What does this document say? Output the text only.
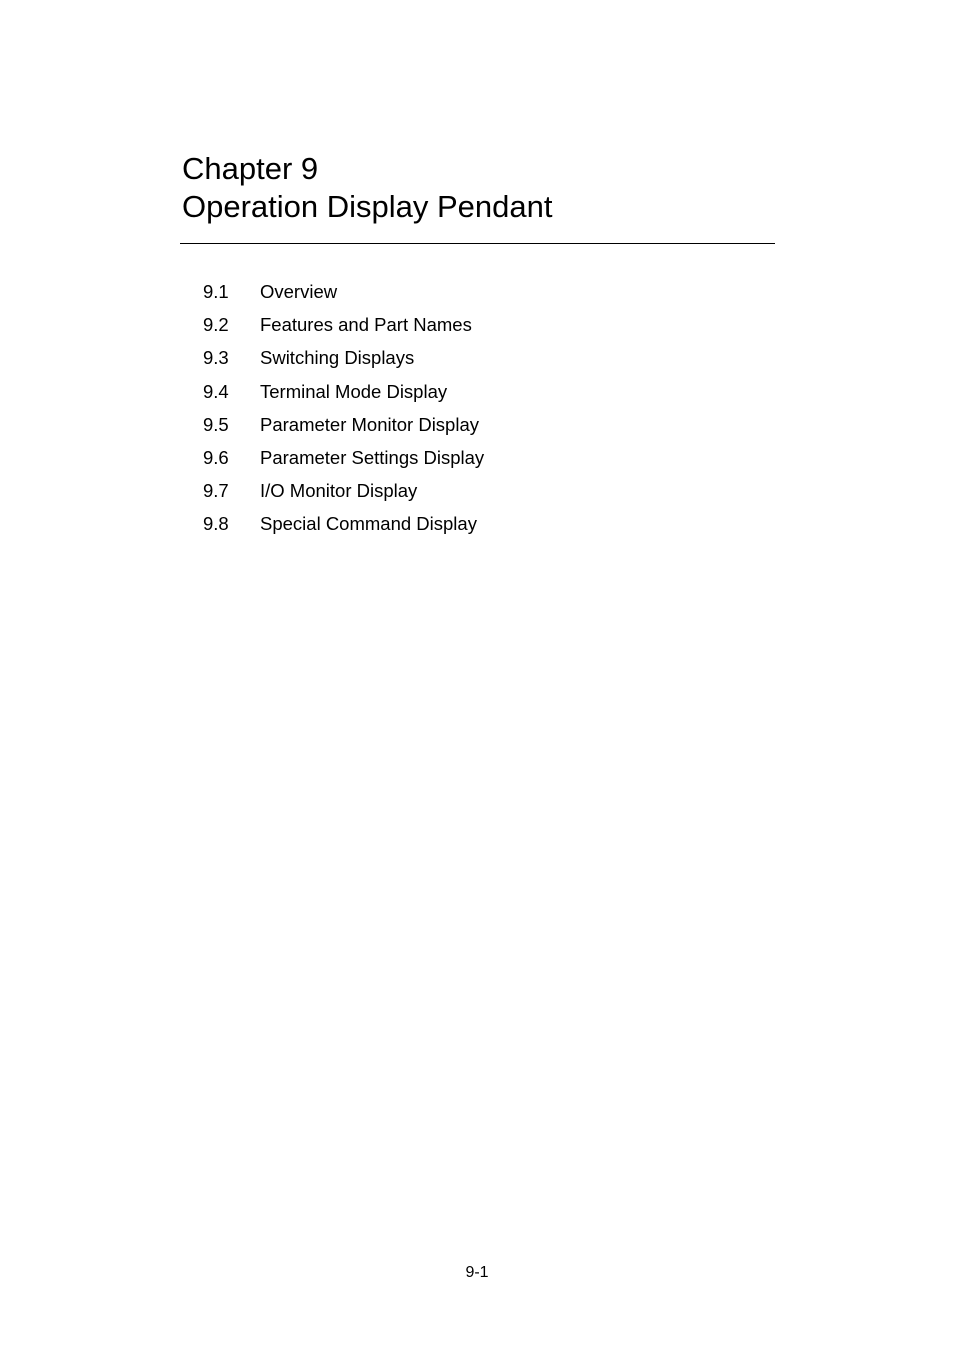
Chapter 9
Operation Display Pendant
9.1	Overview
9.2	Features and Part Names
9.3	Switching Displays
9.4	Terminal Mode Display
9.5	Parameter Monitor Display
9.6	Parameter Settings Display
9.7	I/O Monitor Display
9.8	Special Command Display
9-1
